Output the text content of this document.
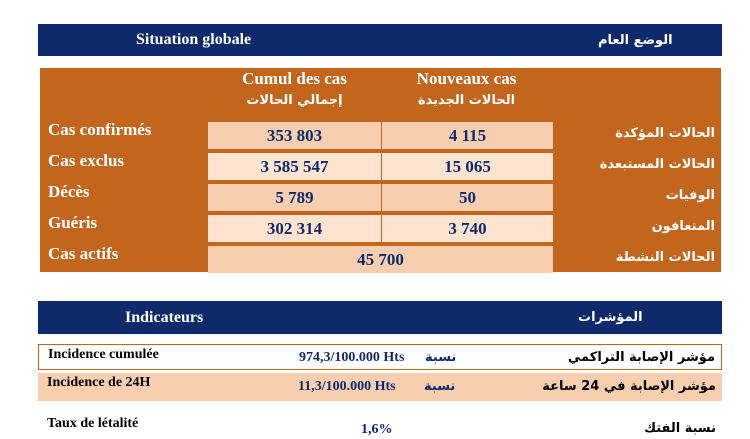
Situation globale	الوضع العام
Cumul des cas
إجمالي الحالات
Nouveaux cas
الحالات الجديدة
Cas confirmés	353 803	4 115	الحالات المؤكدة
Cas exclus	3 585 547	15 065	الحالات المستبعدة
Décès	5 789	50	الوفيات
Guéris	302 314	3 740	المتعافون
Cas actifs	45 700	الحالات النشطة
Indicateurs	المؤشرات
Incidence cumulée	974,3/100.000 Hts نسبة	مؤشر الإصابة التراكمي
Incidence de 24H	11,3/100.000 Hts نسبة	مؤشر الإصابة في 24 ساعة
Taux de létalité	1,6%	نسبة الفتك
